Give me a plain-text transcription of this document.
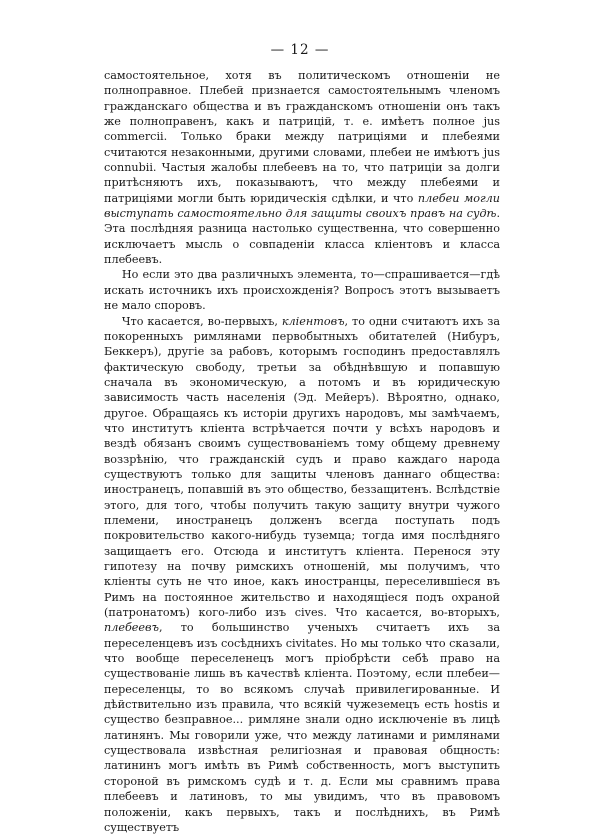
— 12 —

самостоятельное, хотя въ политическомъ отношеніи не полноправное. Плебей признается самостоятельнымъ членомъ гражданскаго общества и въ гражданскомъ отношеніи онъ такъ же полноправенъ, какъ и патрицій, т. е. имѣетъ полное jus commercii. Только браки между патриціями и плебеями считаются незаконными, другими словами, плебеи не имѣютъ jus connubii. Частыя жалобы плебеевъ на то, что патриціи за долги притѣсняютъ ихъ, показываютъ, что между плебеями и патриціями могли быть юридическія сдѣлки, и что плебеи могли выступать самостоятельно для защиты своихъ правъ на судѣ. Эта послѣдняя разница настолько существенна, что совершенно исключаетъ мысль о совпаденіи класса кліентовъ и класса плебеевъ.

Но если это два различныхъ элемента, то—спрашивается—гдѣ искать источникъ ихъ происхожденія? Вопросъ этотъ вызываетъ не мало споровъ.

Что касается, во-первыхъ, кліентовъ, то одни считаютъ ихъ за покоренныхъ римлянами первобытныхъ обитателей (Нибуръ, Беккеръ), другіе за рабовъ, которымъ господинъ предоставлялъ фактическую свободу, третьи за обѣднѣвшую и попавшую сначала въ экономическую, а потомъ и въ юридическую зависимость часть населенія (Эд. Мейеръ). Вѣроятно, однако, другое. Обращаясь къ исторіи другихъ народовъ, мы замѣчаемъ, что институтъ кліента встрѣчается почти у всѣхъ народовъ и вездѣ обязанъ своимъ существованіемъ тому общему древнему воззрѣнію, что гражданскій судъ и право каждаго народа существуютъ только для защиты членовъ даннаго общества: иностранецъ, попавшій въ это общество, беззащитенъ. Вслѣдствіе этого, для того, чтобы получить такую защиту внутри чужого племени, иностранецъ долженъ всегда поступать подъ покровительство какого-нибудь туземца; тогда имя послѣдняго защищаетъ его. Отсюда и институтъ кліента. Перенося эту гипотезу на почву римскихъ отношеній, мы получимъ, что кліенты суть не что иное, какъ иностранцы, переселившіеся въ Римъ на постоянное жительство и находящіеся подъ охраной (патронатомъ) кого-либо изъ cives. Что касается, во-вторыхъ, плебеевъ, то большинство ученыхъ считаетъ ихъ за переселенцевъ изъ сосѣднихъ civitates. Но мы только что сказали, что вообще переселенецъ могъ пріобрѣсти себѣ право на существованіе лишь въ качествѣ кліента. Поэтому, если плебеи—переселенцы, то во всякомъ случаѣ привилегированные. И дѣйствительно изъ правила, что всякій чужеземецъ есть hostis и существо безправное... римляне знали одно исключеніе въ лицѣ латинянъ. Мы говорили уже, что между латинами и римлянами существовала извѣстная религіозная и правовая общность: латининъ могъ имѣть въ Римѣ собственность, могъ выступить стороной въ римскомъ судѣ и т. д. Если мы сравнимъ права плебеевъ и латиновъ, то мы увидимъ, что въ правовомъ положеніи, какъ первыхъ, такъ и послѣднихъ, въ Римѣ существуетъ
